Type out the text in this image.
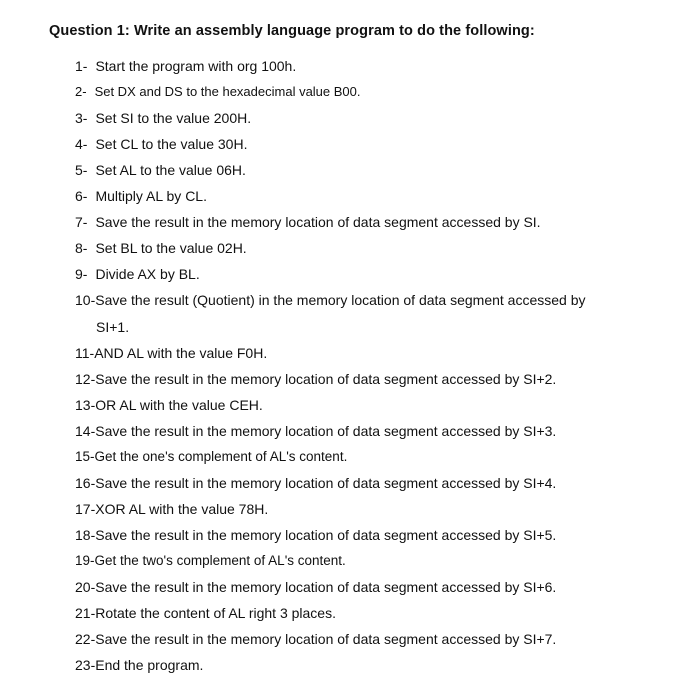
Question 1: Write an assembly language program to do the following:
1- Start the program with org 100h.
2- Set DX and DS to the hexadecimal value B00.
3- Set SI to the value 200H.
4- Set CL to the value 30H.
5- Set AL to the value 06H.
6- Multiply AL by CL.
7- Save the result in the memory location of data segment accessed by SI.
8- Set BL to the value 02H.
9- Divide AX by BL.
10-Save the result (Quotient) in the memory location of data segment accessed by
SI+1.
11-AND AL with the value F0H.
12-Save the result in the memory location of data segment accessed by SI+2.
13-OR AL with the value CEH.
14-Save the result in the memory location of data segment accessed by SI+3.
15-Get the one's complement of AL's content.
16-Save the result in the memory location of data segment accessed by SI+4.
17-XOR AL with the value 78H.
18-Save the result in the memory location of data segment accessed by SI+5.
19-Get the two's complement of AL's content.
20-Save the result in the memory location of data segment accessed by SI+6.
21-Rotate the content of AL right 3 places.
22-Save the result in the memory location of data segment accessed by SI+7.
23-End the program.
